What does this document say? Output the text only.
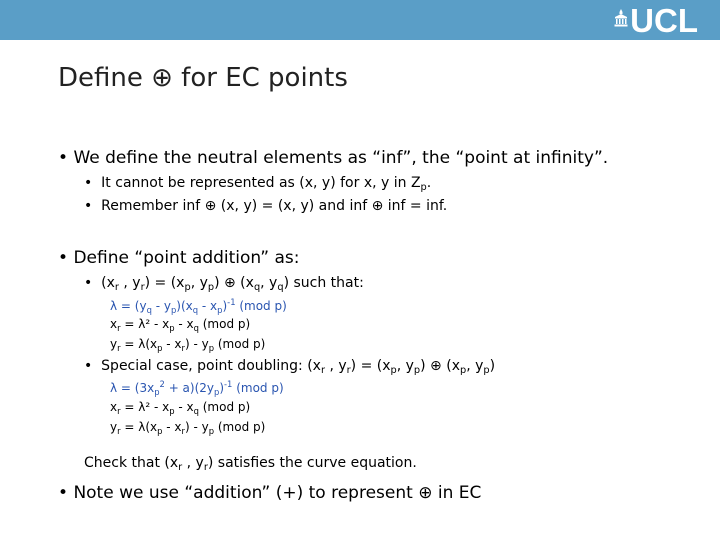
UCL
Define ⊕ for EC points
• We define the neutral elements as “inf”, the “point at infinity”.
•  It cannot be represented as (x, y) for x, y in $Z_p$.
•  Remember inf ⊕ (x, y) = (x, y) and inf ⊕ inf = inf.
• Define “point addition” as:
•  ($x_r$ , $y_r) = (x_p$, $y_p$) ⊕ ($x_q$, $y_q$) such that:
$\lambda = (y_q - y_p)(x_q - x_p)^{-1}$ (mod p)
$x_r = \lambda^2 - x_p - x_q$ (mod p)
$y_r = \lambda(x_p - x_r) - y_p$ (mod p)
•  Special case, point doubling: ($x_r$ , $y_r) = (x_p$, $y_p$) ⊕ ($x_p$, $y_p$)
$\lambda = (3x_p^2 + a)(2y_p)^{-1}$ (mod p)
$x_r = \lambda^2 - x_p - x_q$ (mod p)
$y_r = \lambda(x_p - x_r) - y_p$ (mod p)
Check that ($x_r$ , $y_r$) satisfies the curve equation.
• Note we use “addition” (+) to represent ⊕ in EC
